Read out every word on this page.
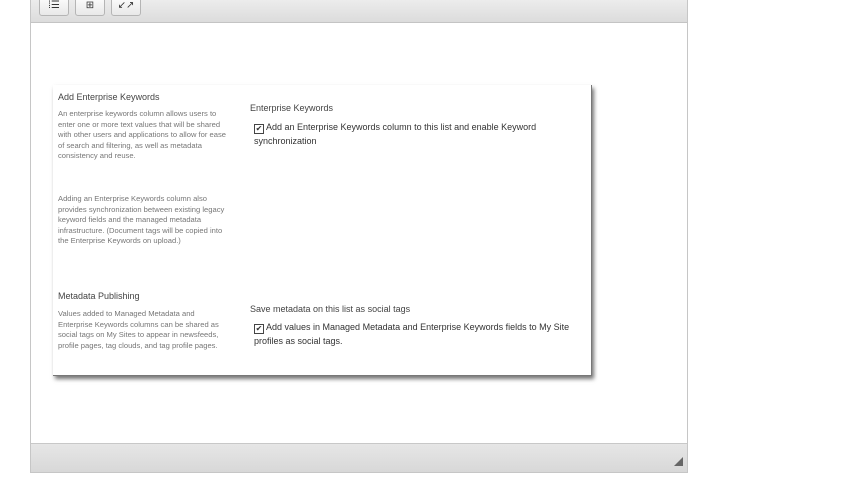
⁞☰	⊞	↙↗
Add Enterprise Keywords
An enterprise keywords column allows users to enter one or more text values that will be shared with other users and applications to allow for ease of search and filtering, as well as metadata consistency and reuse.
Adding an Enterprise Keywords column also provides synchronization between existing legacy keyword fields and the managed metadata infrastructure. (Document tags will be copied into the Enterprise Keywords on upload.)
Enterprise Keywords
✔ Add an Enterprise Keywords column to this list and enable Keyword synchronization
Metadata Publishing
Values added to Managed Metadata and Enterprise Keywords columns can be shared as social tags on My Sites to appear in newsfeeds, profile pages, tag clouds, and tag profile pages.
Save metadata on this list as social tags
✔ Add values in Managed Metadata and Enterprise Keywords fields to My Site profiles as social tags.
